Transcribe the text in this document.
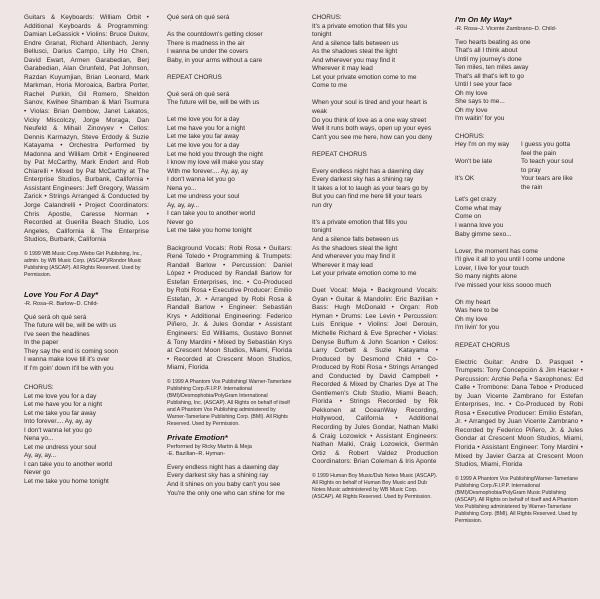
Guitars & Keyboards: William Orbit • Additional Keyboards & Programming: Damian LeGassick • Violins: Bruce Dukov, Endre Granat, Richard Altenbach, Jenny Bellusci, Darius Campo, Lilly Ho Chen, David Ewart, Armen Garabedian, Berj Garabedian, Alan Grunfeld, Pat Johnson, Razdan Kuyumjian, Brian Leonard, Mark Markman, Horia Moroaica, Barbra Porter, Rachel Purkin, Gil Romero, Sheldon Sanov, Kwihee Shamban & Mari Tsumura • Violas: Brian Dembow, Janet Lakatos, Vicky Miscolczy, Jorge Moraga, Dan Neufeld & Mihail Zinovyev • Cellos: Dennis Karmazyn, Steve Erdody & Suzie Katayama • Orchestra Performed by Madonna and William Orbit • Engineered by Pat McCarthy, Mark Endert and Rob Chiarelli • Mixed by Pat McCarthy at The Enterprise Studios, Burbank, California • Assistant Engineers: Jeff Gregory, Wassim Zarick • Strings Arranged & Conducted by Jorge Calandrelli • Project Coordinators: Chris Apostle, Caresse Norman • Recorded at Guerilla Beach Studio, Los Angeles, California & The Enterprise Studios, Burbank, California
© 1999 WB Music Corp./Webo Girl Publishing, Inc., admin. by WB Music Corp. (ASCAP)/Rondor Music Publishing (ASCAP). All Rights Reserved. Used by Permission.
Love You For A Day*
-R. Rosa–R. Barlow–D. Child-
Qué será oh qué será
The future will be, will be with us
I've seen the headlines
In the paper
They say the end is coming soon
I wanna make love till it's over
If I'm goin' down it'll be with you
CHORUS:
Let me love you for a day
Let me have you for a night
Let me take you far away
Into forever.... Ay, ay, ay
I don't wanna let you go
Nena yo...
Let me undress your soul
Ay, ay, ay...
I can take you to another world
Never go
Let me take you home tonight
Qué será oh qué será
As the countdown's getting closer
There is madness in the air
I wanna be under the covers
Baby, in your arms without a care
REPEAT CHORUS
Qué será oh qué será
The future will be, will be with us
Let me love you for a day
Let me have you for a night
Let me take you far away
Let me love you for a day
Let me hold you through the night
I know my love will make you stay
With me forever.... Ay, ay, ay
I don't wanna let you go
Nena yo...
Let me undress your soul
Ay, ay, ay...
I can take you to another world
Never go
Let me take you home tonight
Background Vocals: Robi Rosa • Guitars: René Toledo • Programming & Trumpets: Randall Barlow • Percussion: Daniel López • Produced by Randall Barlow for Estefan Enterprises, Inc. • Co-Produced by Robi Rosa • Executive Producer: Emilio Estefan, Jr. • Arranged by Robi Rosa & Randall Barlow • Engineer: Sebastián Krys • Additional Engineering: Federico Piñero, Jr. & Jules Gondar • Assistant Engineers: Ed Williams, Gustavo Bonnet & Tony Mardini • Mixed by Sebastián Krys at Crescent Moon Studios, Miami, Florida • Recorded at Crescent Moon Studios, Miami, Florida
© 1999 A Phantom Vox Publishing/ Warner-Tamerlane Publishing Corp./F.I.P.P. International (BMI)/Desmophobia/PolyGram International Publishing, Inc. (ASCAP). All Rights on behalf of itself and A Phantom Vox Publishing administered by Warner-Tamerlane Publishing Corp. (BMI). All Rights Reserved. Used by Permission.
Private Emotion*
Performed by Ricky Martin & Meja
-E. Bazilian–R. Hyman-
Every endless night has a dawning day
Every darkest sky has a shining ray
And it shines on you baby can't you see
You're the only one who can shine for me
CHORUS:
It's a private emotion that fills you
tonight
And a silence falls between us
As the shadows steal the light
And wherever you may find it
Wherever it may lead
Let your private emotion come to me
Come to me
When your soul is tired and your heart is
weak
Do you think of love as a one way street
Well it runs both ways, open up your eyes
Can't you see me here, how can you deny
REPEAT CHORUS
Every endless night has a dawning day
Every darkest sky has a shining ray
It takes a lot to laugh as your tears go by
But you can find me here till your tears
run dry
It's a private emotion that fills you
tonight
And a silence falls between us
As the shadows steal the light
And wherever you may find it
Wherever it may lead
Let your private emotion come to me
Duet Vocal: Meja • Background Vocals: Gyan • Guitar & Mandolin: Eric Bazilian • Bass: Hugh McDonald • Organ: Rob Hyman • Drums: Lee Levin • Percussion: Luis Enrique • Violins: Joel Derouin, Michelle Richard & Eve Sprecher • Violas: Denyse Buffum & John Scanlon • Cellos: Larry Corbett & Suzie Katayama • Produced by Desmond Child • Co-Produced by Robi Rosa • Strings Arranged and Conducted by David Campbell • Recorded & Mixed by Charles Dye at The Gentlemen's Club Studio, Miami Beach, Florida • Strings Recorded by Rik Pekkonen at OceanWay Recording, Hollywood, California • Additional Recording by Jules Gondar, Nathan Malki & Craig Lozowick • Assistant Engineers: Nathan Malki, Craig Lozowick, Germán Ortiz & Robert Valdez Production Coordinators: Brian Coleman & Iris Aponte
© 1999 Human Boy Music/Dub Notes Music (ASCAP). All Rights on behalf of Human Boy Music and Dub Notes Music administered by WB Music Corp. (ASCAP). All Rights Reserved. Used by Permission.
I'm On My Way*
-R. Rosa–J. Vicente Zambrano–D. Child-
Two hearts beating as one
That's all I think about
Until my journey's done
Ten miles, ten miles away
That's all that's left to go
Until I see your face
Oh my love
She says to me...
Oh my love
I'm waitin' for you
CHORUS:
Hey I'm on my way

Won't be late

It's OK
I guess you gotta
feel the pain
To teach your soul
to pray
Your tears are like
the rain
Let's get crazy
Come what may
Come on
I wanna love you
Baby gimme sexo...
Lover, the moment has come
I'll give it all to you until I come undone
Lover, I live for your touch
So many nights alone
I've missed your kiss soooo much
Oh my heart
Was here to be
Oh my love
I'm livin' for you
REPEAT CHORUS
Electric Guitar: Andre D. Pasquet • Trumpets: Tony Concepción & Jim Hacker • Percussion: Archie Peña • Saxophones: Ed Calle • Trombone: Dana Teboe • Produced by Juan Vicente Zambrano for Estefan Enterprises, Inc. • Co-Produced by Robi Rosa • Executive Producer: Emilio Estefan, Jr. • Arranged by Juan Vicente Zambrano • Recorded by Federico Piñero, Jr. & Jules Gondar at Crescent Moon Studios, Miami, Florida • Assistant Engineer: Tony Mardini • Mixed by Javier Garza at Crescent Moon Studios, Miami, Florida
© 1999 A Phantom Vox Publishing/Warner-Tamerlane Publishing Corp./F.I.P.P. International (BMI)/Desmophobia/PolyGram Music Publishing (ASCAP). All Rights on behalf of itself and A Phantom Vox Publishing administered by Warner-Tamerlane Publishing Corp. (BMI). All Rights Reserved. Used by Permission.
